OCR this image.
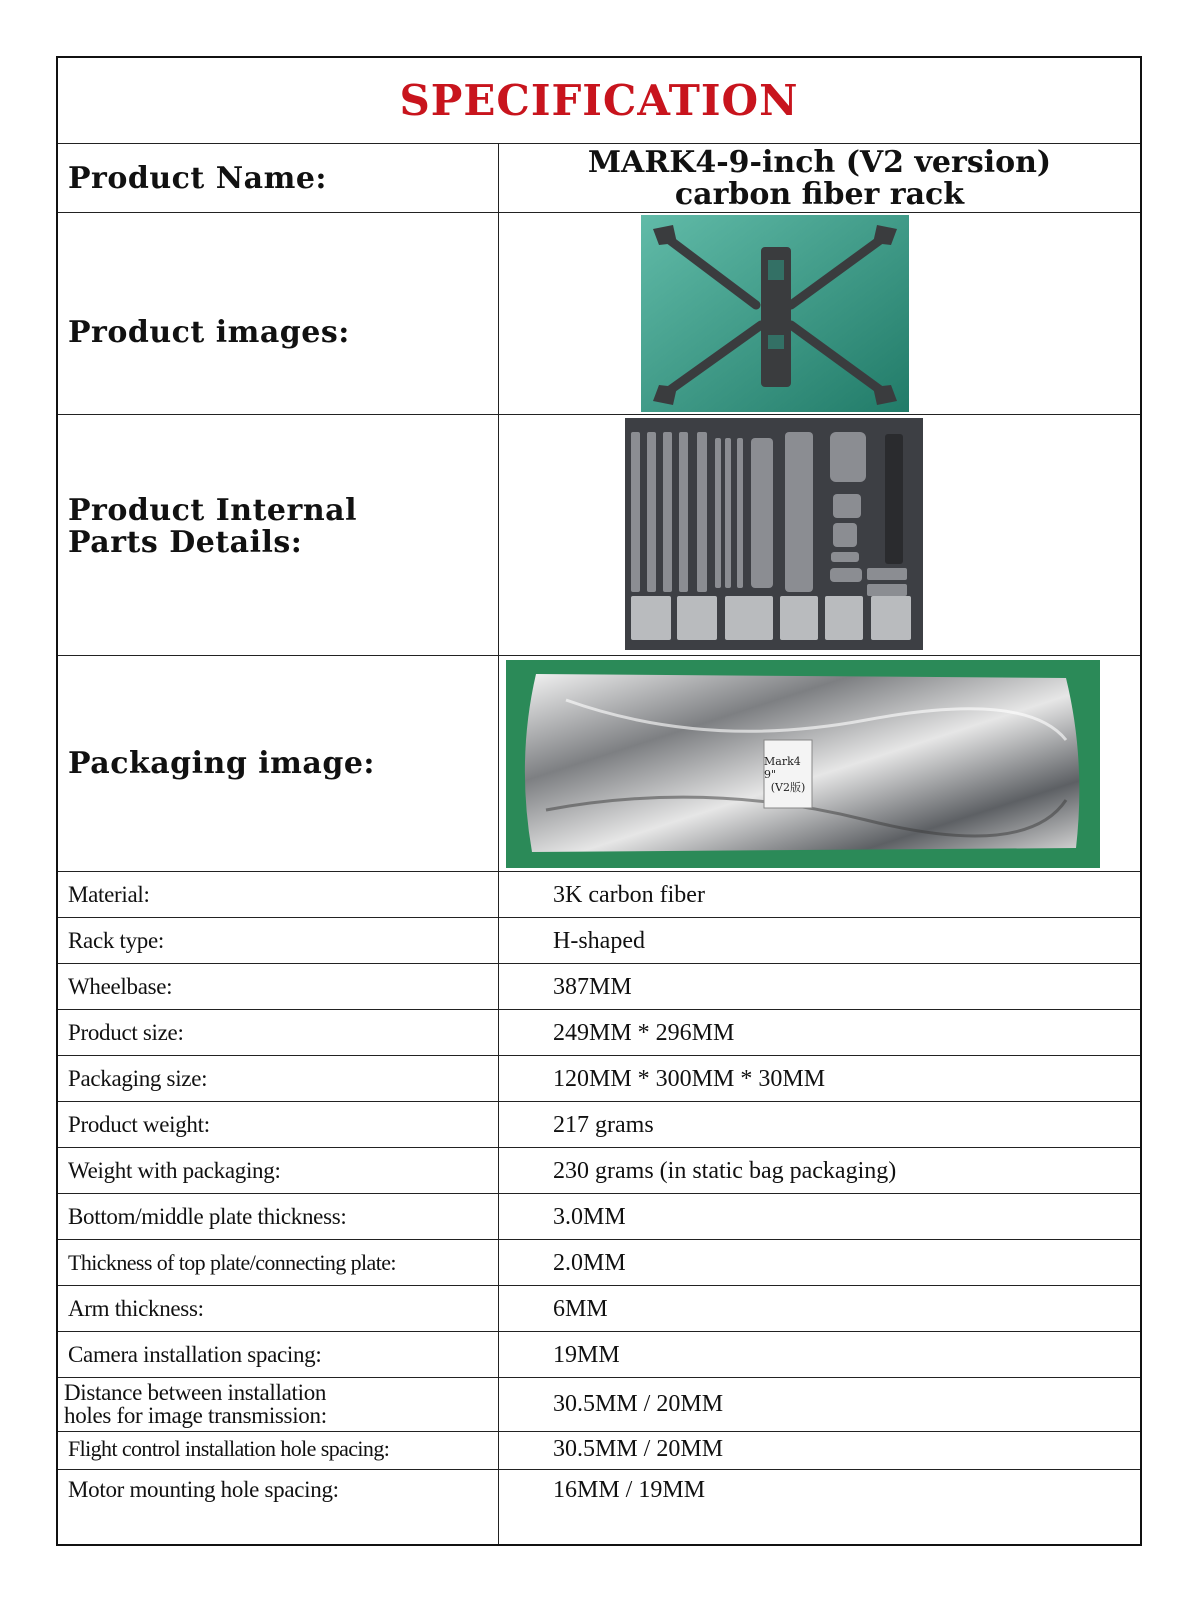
SPECIFICATION
Product Name:	MARK4-9-inch (V2 version)
carbon fiber rack
Product images:
Product Internal
Parts Details:
Packaging image:	Mark4 9"
(V2版)
Material:	3K carbon fiber
Rack type:	H-shaped
Wheelbase:	387MM
Product size:	249MM * 296MM
Packaging size:	120MM * 300MM * 30MM
Product weight:	217 grams
Weight with packaging:	230 grams (in static bag packaging)
Bottom/middle plate thickness:	3.0MM
Thickness of top plate/connecting plate:	2.0MM
Arm thickness:	6MM
Camera installation spacing:	19MM
Distance between installation
holes for image transmission:	30.5MM / 20MM
Flight control installation hole spacing:	30.5MM / 20MM
Motor mounting hole spacing:	16MM / 19MM
